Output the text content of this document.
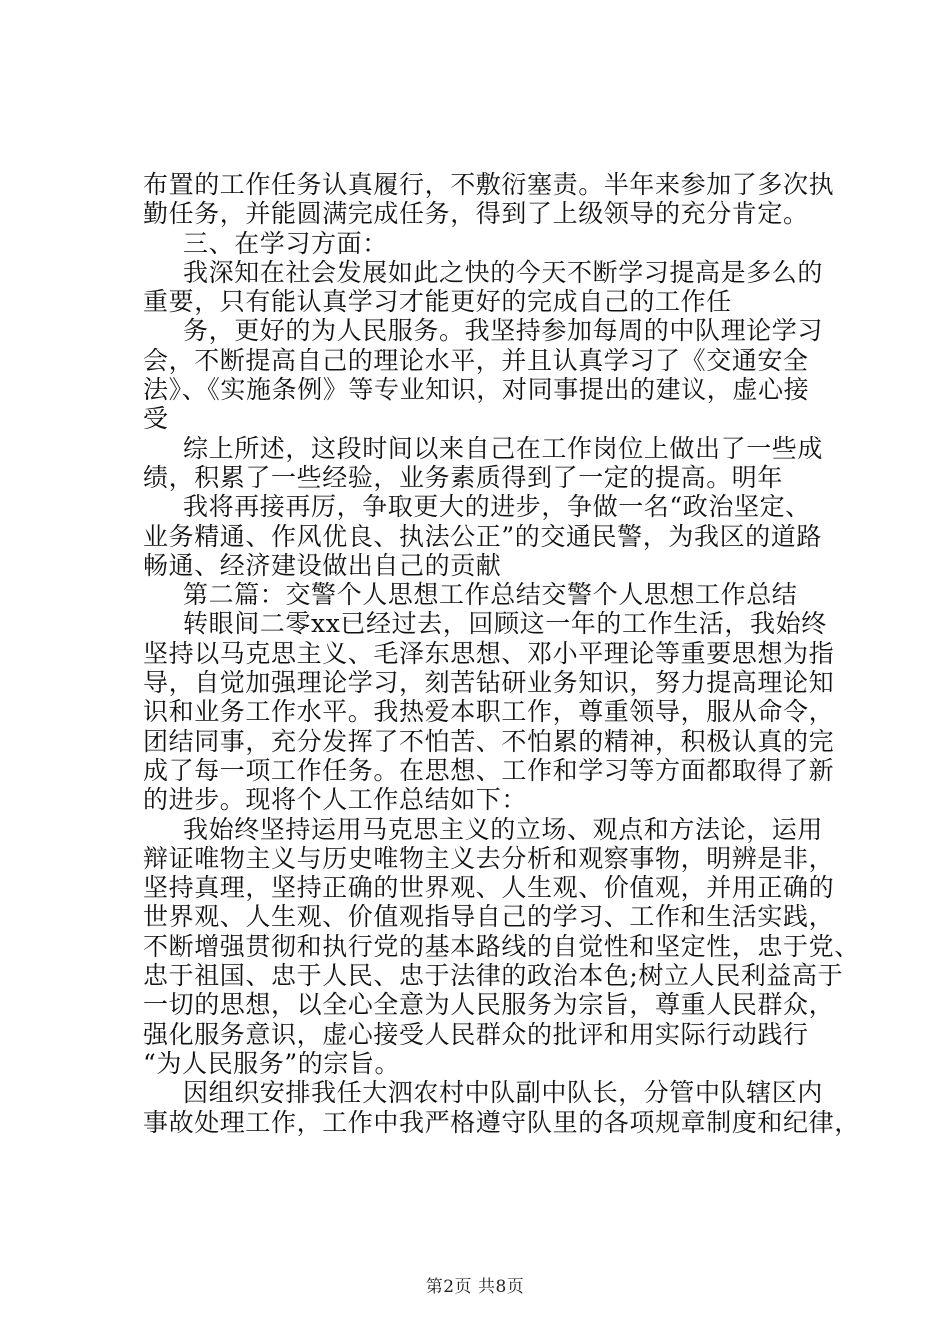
布置的工作任务认真履行，不敷衍塞责。半年来参加了多次执
勤任务，并能圆满完成任务，得到了上级领导的充分肯定。
三、在学习方面：
我深知在社会发展如此之快的今天不断学习提高是多么的
重要，只有能认真学习才能更好的完成自己的工作任
务，更好的为人民服务。我坚持参加每周的中队理论学习
会，不断提高自己的理论水平，并且认真学习了《交通安全
法》、《实施条例》等专业知识，对同事提出的建议，虚心接
受
综上所述，这段时间以来自己在工作岗位上做出了一些成
绩，积累了一些经验，业务素质得到了一定的提高。明年
我将再接再厉，争取更大的进步，争做一名“政治坚定、
业务精通、作风优良、执法公正”的交通民警，为我区的道路
畅通、经济建设做出自己的贡献
第二篇：交警个人思想工作总结交警个人思想工作总结
转眼间二零xx已经过去，回顾这一年的工作生活，我始终
坚持以马克思主义、毛泽东思想、邓小平理论等重要思想为指
导，自觉加强理论学习，刻苦钻研业务知识，努力提高理论知
识和业务工作水平。我热爱本职工作，尊重领导，服从命令，
团结同事，充分发挥了不怕苦、不怕累的精神，积极认真的完
成了每一项工作任务。在思想、工作和学习等方面都取得了新
的进步。现将个人工作总结如下：
我始终坚持运用马克思主义的立场、观点和方法论，运用
辩证唯物主义与历史唯物主义去分析和观察事物，明辨是非，
坚持真理，坚持正确的世界观、人生观、价值观，并用正确的
世界观、人生观、价值观指导自己的学习、工作和生活实践，
不断增强贯彻和执行党的基本路线的自觉性和坚定性，忠于党、
忠于祖国、忠于人民、忠于法律的政治本色;树立人民利益高于
一切的思想，以全心全意为人民服务为宗旨，尊重人民群众，
强化服务意识，虚心接受人民群众的批评和用实际行动践行
“为人民服务”的宗旨。
因组织安排我任大泗农村中队副中队长，分管中队辖区内
事故处理工作，工作中我严格遵守队里的各项规章制度和纪律，
第2页 共8页
